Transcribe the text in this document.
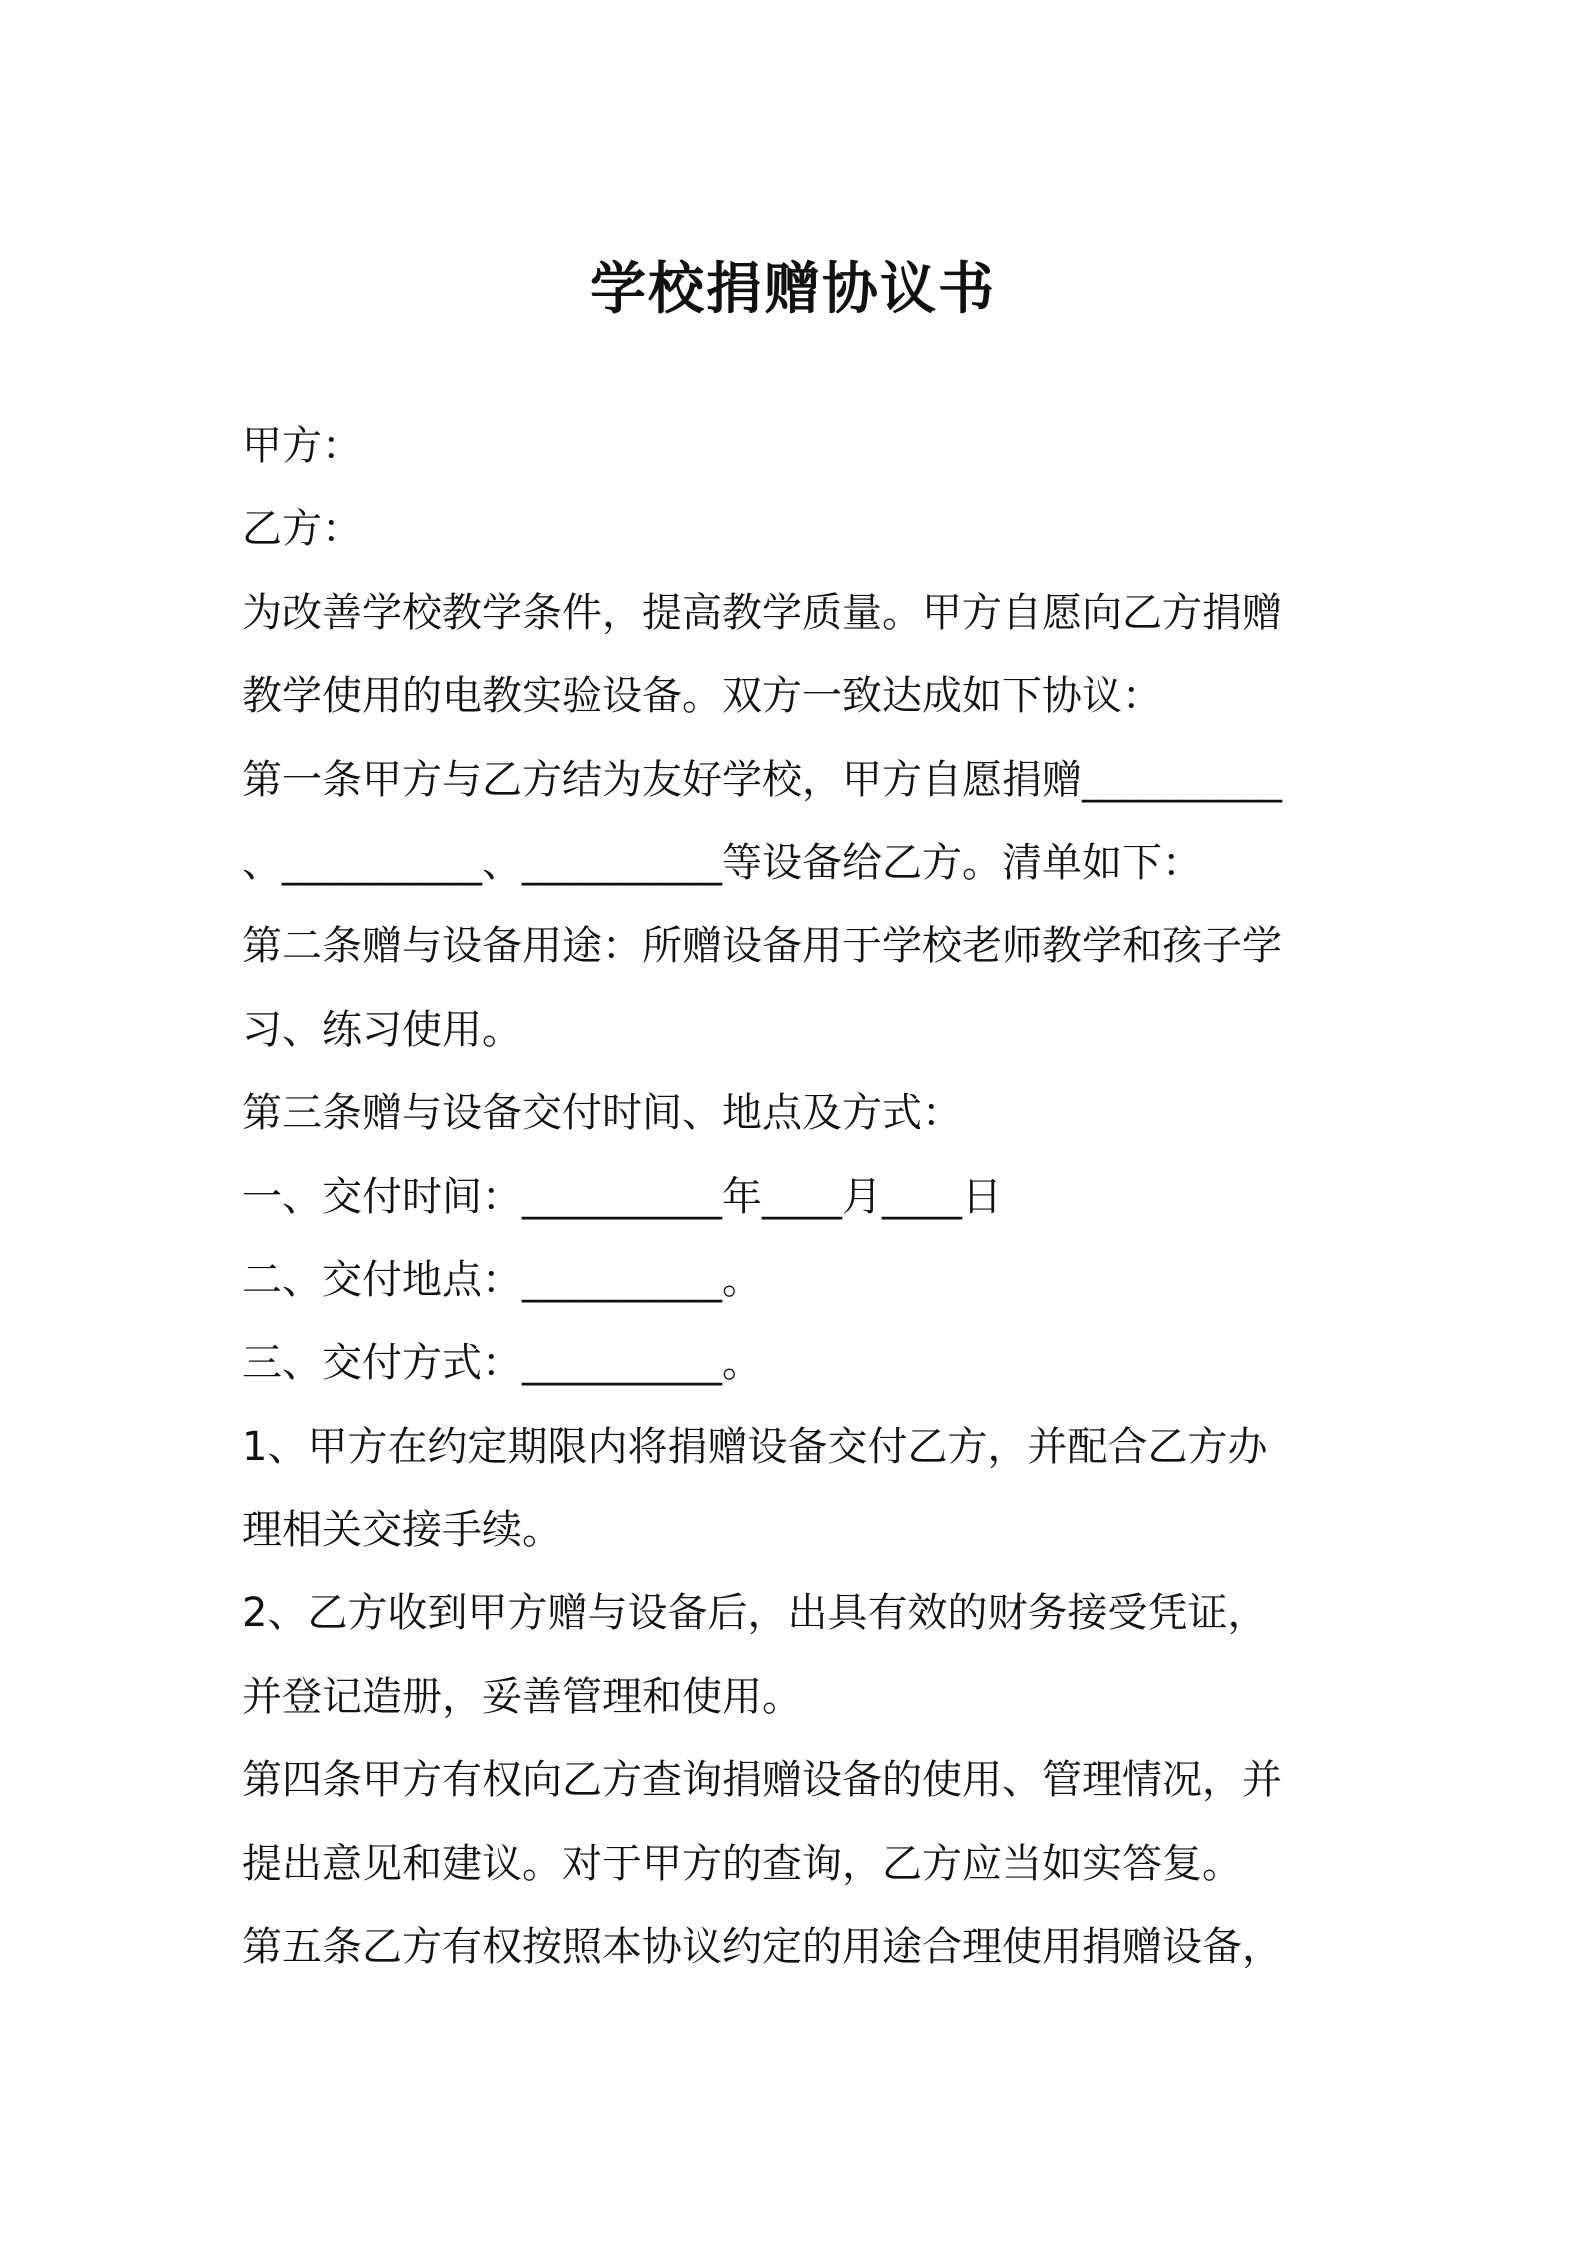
学校捐赠协议书
甲方：
乙方：
为改善学校教学条件，提高教学质量。甲方自愿向乙方捐赠
教学使用的电教实验设备。双方一致达成如下协议：
第一条甲方与乙方结为友好学校，甲方自愿捐赠__________
、__________、__________等设备给乙方。清单如下：
第二条赠与设备用途：所赠设备用于学校老师教学和孩子学
习、练习使用。
第三条赠与设备交付时间、地点及方式：
一、交付时间：__________年____月____日
二、交付地点：__________。
三、交付方式：__________。
1、甲方在约定期限内将捐赠设备交付乙方，并配合乙方办
理相关交接手续。
2、乙方收到甲方赠与设备后，出具有效的财务接受凭证，
并登记造册，妥善管理和使用。
第四条甲方有权向乙方查询捐赠设备的使用、管理情况，并
提出意见和建议。对于甲方的查询，乙方应当如实答复。
第五条乙方有权按照本协议约定的用途合理使用捐赠设备，
